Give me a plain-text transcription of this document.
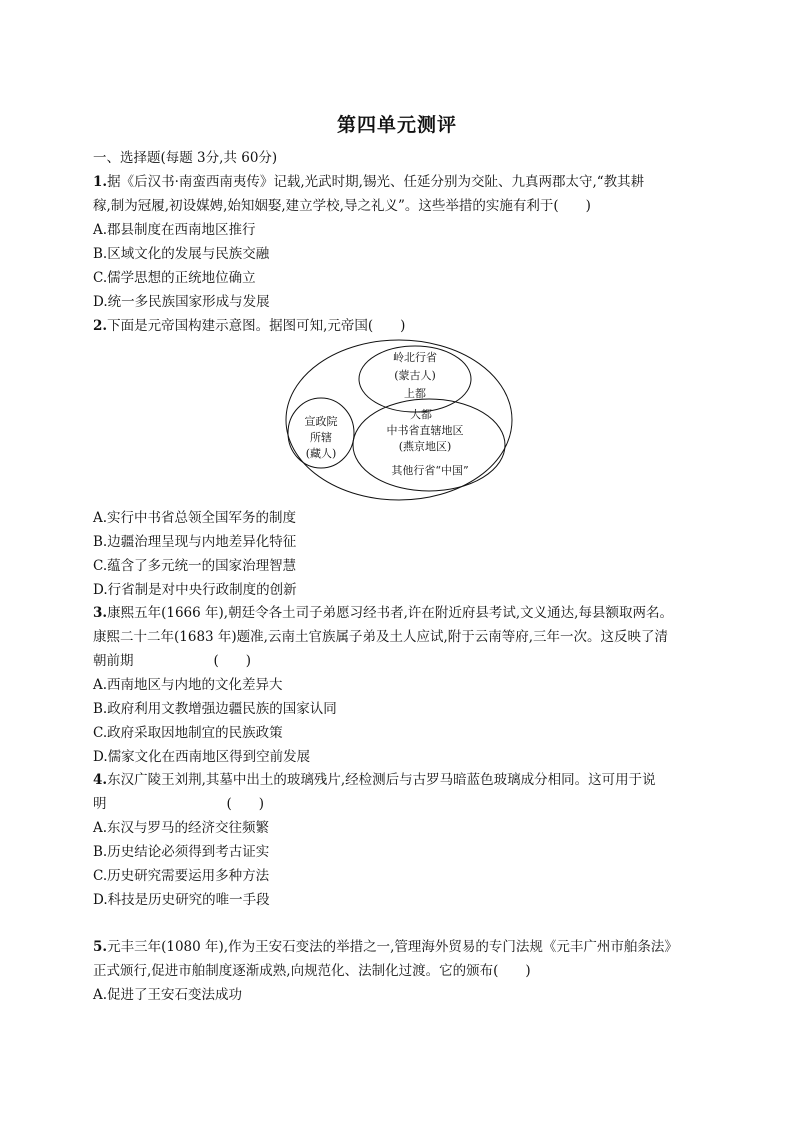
第四单元测评
一、选择题(每题 3分,共 60分)
1.据《后汉书·南蛮西南夷传》记载,光武时期,锡光、任延分别为交阯、九真两郡太守,“教其耕
稼,制为冠履,初设媒娉,始知姻娶,建立学校,导之礼义”。这些举措的实施有利于(　　)
A.郡县制度在西南地区推行
B.区域文化的发展与民族交融
C.儒学思想的正统地位确立
D.统一多民族国家形成与发展
2.下面是元帝国构建示意图。据图可知,元帝国(　　)
岭北行省
(蒙古人)
上都
宣政院
所辖
(藏人)
大都
中书省直辖地区
(燕京地区)
其他行省“中国”
A.实行中书省总领全国军务的制度
B.边疆治理呈现与内地差异化特征
C.蕴含了多元统一的国家治理智慧
D.行省制是对中央行政制度的创新
3.康熙五年(1666 年),朝廷令各土司子弟愿习经书者,许在附近府县考试,文义通达,每县额取两名。
康熙二十二年(1683 年)题准,云南土官族属子弟及土人应试,附于云南等府,三年一次。这反映了清
朝前期	(　　)
A.西南地区与内地的文化差异大
B.政府利用文教增强边疆民族的国家认同
C.政府采取因地制宜的民族政策
D.儒家文化在西南地区得到空前发展
4.东汉广陵王刘荆,其墓中出土的玻璃残片,经检测后与古罗马暗蓝色玻璃成分相同。这可用于说
明	(　　)
A.东汉与罗马的经济交往频繁
B.历史结论必须得到考古证实
C.历史研究需要运用多种方法
D.科技是历史研究的唯一手段
5.元丰三年(1080 年),作为王安石变法的举措之一,管理海外贸易的专门法规《元丰广州市舶条法》
正式颁行,促进市舶制度逐渐成熟,向规范化、法制化过渡。它的颁布(　　)
A.促进了王安石变法成功
